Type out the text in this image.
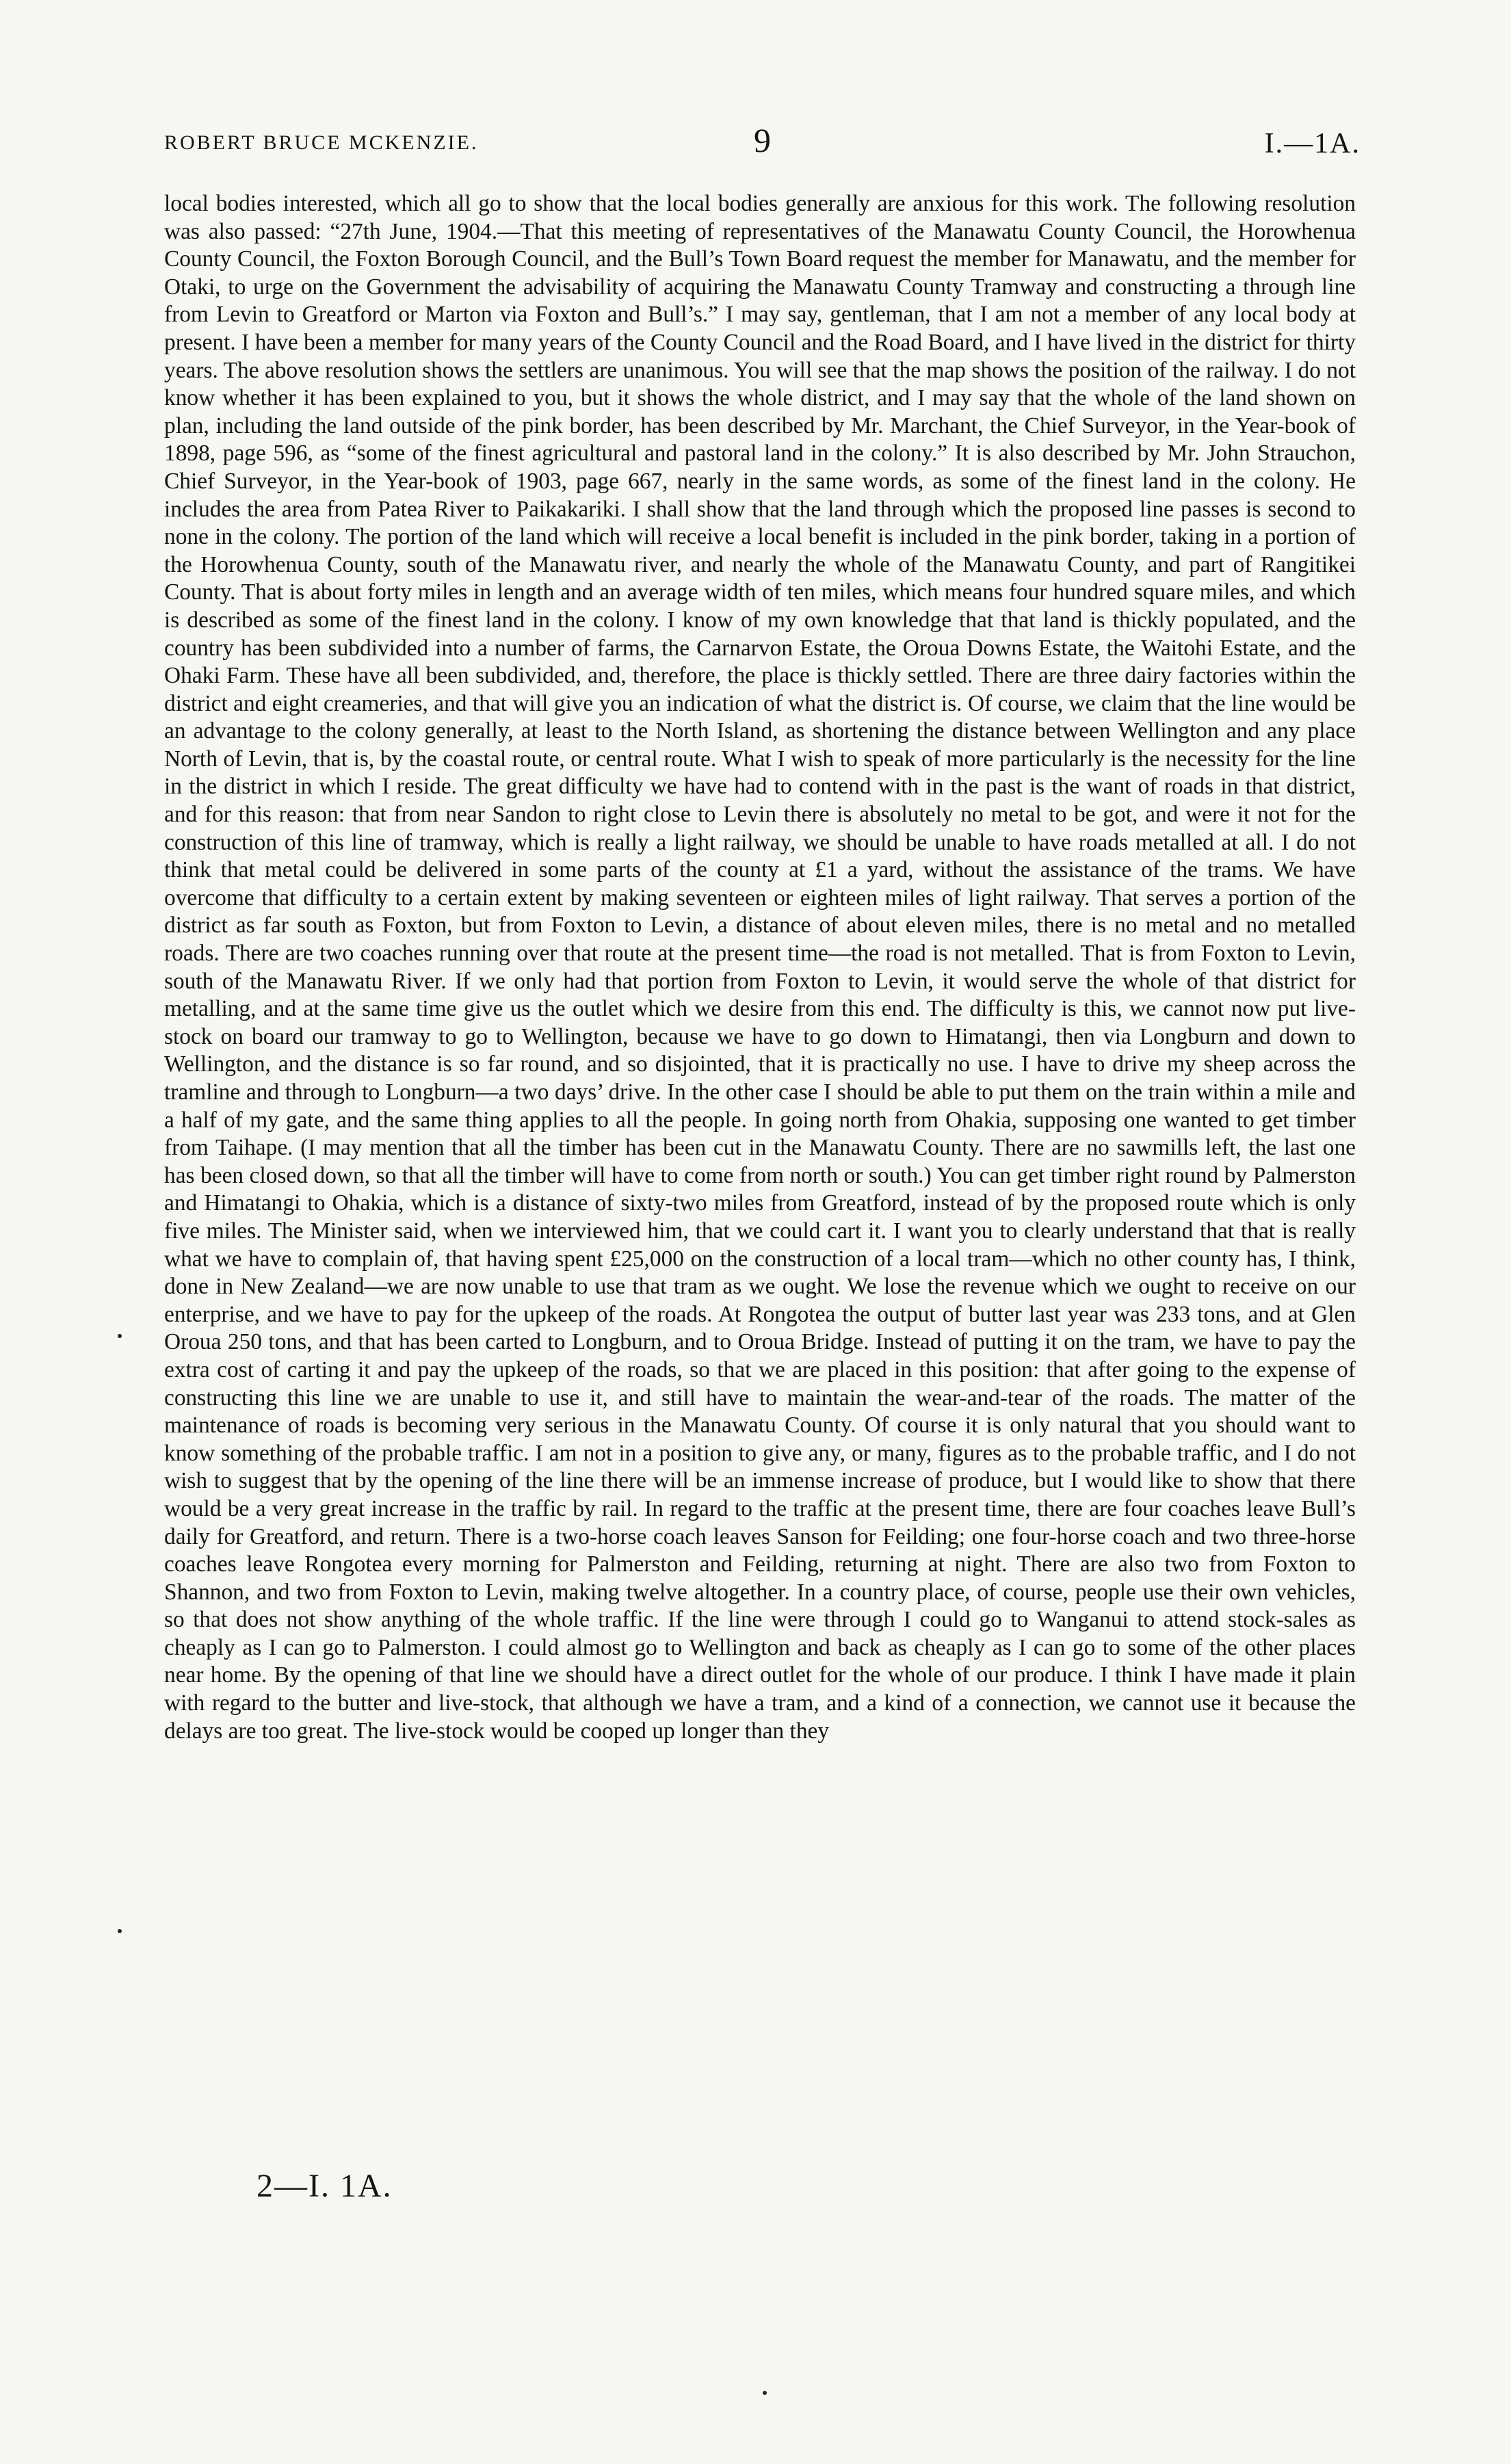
ROBERT BRUCE MCKENZIE.	9	I.—1A.

local bodies interested, which all go to show that the local bodies generally are anxious for this work. The following resolution was also passed: “27th June, 1904.—That this meeting of representatives of the Manawatu County Council, the Horowhenua County Council, the Foxton Borough Council, and the Bull’s Town Board request the member for Manawatu, and the member for Otaki, to urge on the Government the advisability of acquiring the Manawatu County Tramway and constructing a through line from Levin to Greatford or Marton via Foxton and Bull’s.” I may say, gentleman, that I am not a member of any local body at present. I have been a member for many years of the County Council and the Road Board, and I have lived in the district for thirty years. The above resolution shows the settlers are unanimous. You will see that the map shows the position of the railway. I do not know whether it has been explained to you, but it shows the whole district, and I may say that the whole of the land shown on plan, including the land outside of the pink border, has been described by Mr. Marchant, the Chief Surveyor, in the Year-book of 1898, page 596, as “some of the finest agricultural and pastoral land in the colony.” It is also described by Mr. John Strauchon, Chief Surveyor, in the Year-book of 1903, page 667, nearly in the same words, as some of the finest land in the colony. He includes the area from Patea River to Paikakariki. I shall show that the land through which the proposed line passes is second to none in the colony. The portion of the land which will receive a local benefit is included in the pink border, taking in a portion of the Horowhenua County, south of the Manawatu river, and nearly the whole of the Manawatu County, and part of Rangitikei County. That is about forty miles in length and an average width of ten miles, which means four hundred square miles, and which is described as some of the finest land in the colony. I know of my own knowledge that that land is thickly populated, and the country has been subdivided into a number of farms, the Carnarvon Estate, the Oroua Downs Estate, the Waitohi Estate, and the Ohaki Farm. These have all been subdivided, and, therefore, the place is thickly settled. There are three dairy factories within the district and eight creameries, and that will give you an indication of what the district is. Of course, we claim that the line would be an advantage to the colony generally, at least to the North Island, as shortening the distance between Wellington and any place North of Levin, that is, by the coastal route, or central route. What I wish to speak of more particularly is the necessity for the line in the district in which I reside. The great difficulty we have had to contend with in the past is the want of roads in that district, and for this reason: that from near Sandon to right close to Levin there is absolutely no metal to be got, and were it not for the construction of this line of tramway, which is really a light railway, we should be unable to have roads metalled at all. I do not think that metal could be delivered in some parts of the county at £1 a yard, without the assistance of the trams. We have overcome that difficulty to a certain extent by making seventeen or eighteen miles of light railway. That serves a portion of the district as far south as Foxton, but from Foxton to Levin, a distance of about eleven miles, there is no metal and no metalled roads. There are two coaches running over that route at the present time—the road is not metalled. That is from Foxton to Levin, south of the Manawatu River. If we only had that portion from Foxton to Levin, it would serve the whole of that district for metalling, and at the same time give us the outlet which we desire from this end. The difficulty is this, we cannot now put live-stock on board our tramway to go to Wellington, because we have to go down to Himatangi, then via Longburn and down to Wellington, and the distance is so far round, and so disjointed, that it is practically no use. I have to drive my sheep across the tramline and through to Longburn—a two days’ drive. In the other case I should be able to put them on the train within a mile and a half of my gate, and the same thing applies to all the people. In going north from Ohakia, supposing one wanted to get timber from Taihape. (I may mention that all the timber has been cut in the Manawatu County. There are no sawmills left, the last one has been closed down, so that all the timber will have to come from north or south.) You can get timber right round by Palmerston and Himatangi to Ohakia, which is a distance of sixty-two miles from Greatford, instead of by the proposed route which is only five miles. The Minister said, when we interviewed him, that we could cart it. I want you to clearly understand that that is really what we have to complain of, that having spent £25,000 on the construction of a local tram—which no other county has, I think, done in New Zealand—we are now unable to use that tram as we ought. We lose the revenue which we ought to receive on our enterprise, and we have to pay for the upkeep of the roads. At Rongotea the output of butter last year was 233 tons, and at Glen Oroua 250 tons, and that has been carted to Longburn, and to Oroua Bridge. Instead of putting it on the tram, we have to pay the extra cost of carting it and pay the upkeep of the roads, so that we are placed in this position: that after going to the expense of constructing this line we are unable to use it, and still have to maintain the wear-and-tear of the roads. The matter of the maintenance of roads is becoming very serious in the Manawatu County. Of course it is only natural that you should want to know something of the probable traffic. I am not in a position to give any, or many, figures as to the probable traffic, and I do not wish to suggest that by the opening of the line there will be an immense increase of produce, but I would like to show that there would be a very great increase in the traffic by rail. In regard to the traffic at the present time, there are four coaches leave Bull’s daily for Greatford, and return. There is a two-horse coach leaves Sanson for Feilding; one four-horse coach and two three-horse coaches leave Rongotea every morning for Palmerston and Feilding, returning at night. There are also two from Foxton to Shannon, and two from Foxton to Levin, making twelve altogether. In a country place, of course, people use their own vehicles, so that does not show anything of the whole traffic. If the line were through I could go to Wanganui to attend stock-sales as cheaply as I can go to Palmerston. I could almost go to Wellington and back as cheaply as I can go to some of the other places near home. By the opening of that line we should have a direct outlet for the whole of our produce. I think I have made it plain with regard to the butter and live-stock, that although we have a tram, and a kind of a connection, we cannot use it because the delays are too great. The live-stock would be cooped up longer than they

2—I. 1A.
